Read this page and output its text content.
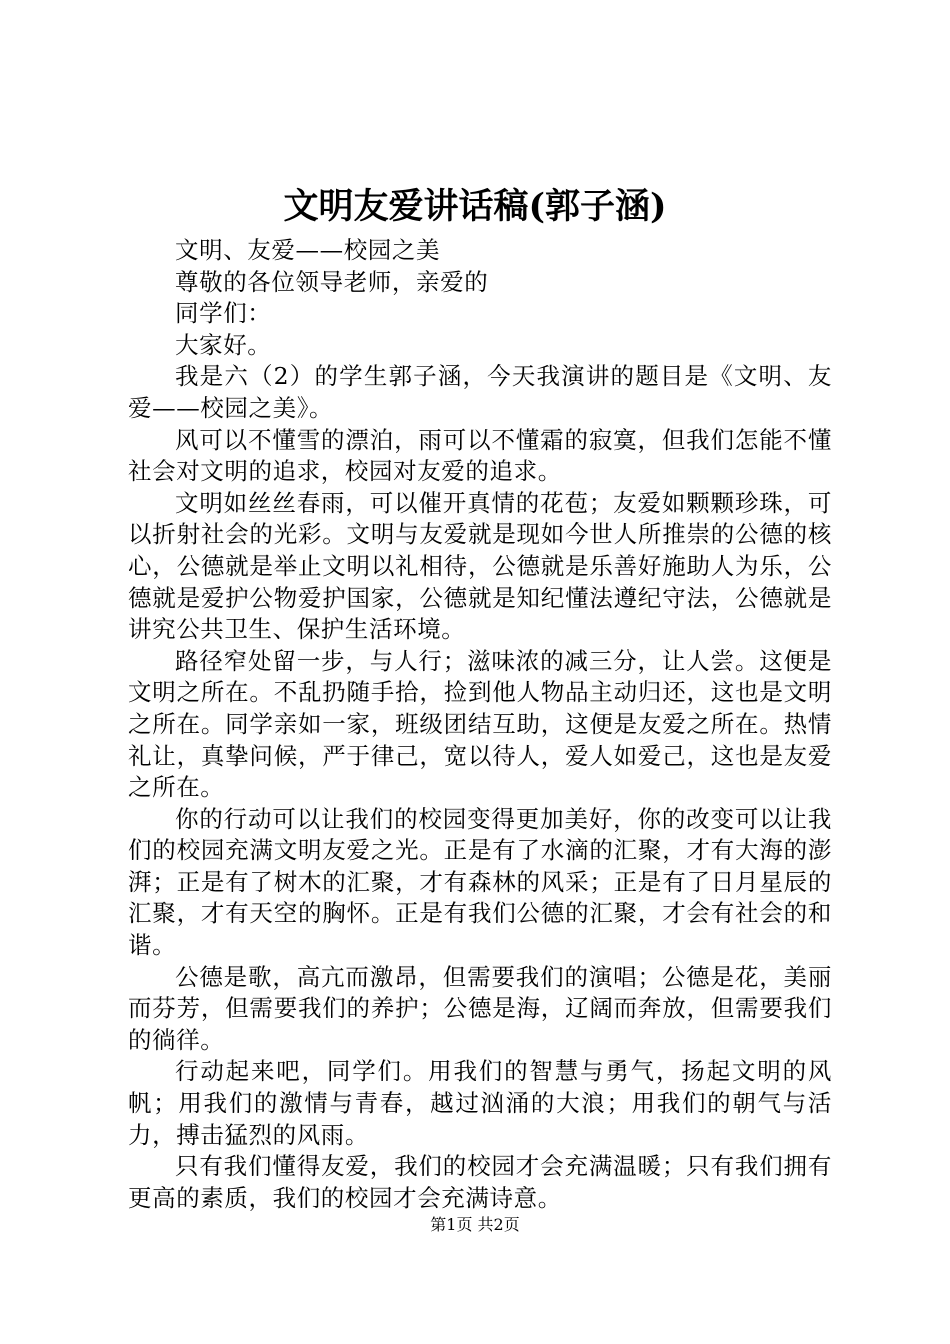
文明友爱讲话稿(郭子涵)

文明、友爱——校园之美

尊敬的各位领导老师，亲爱的

同学们：

大家好。

我是六（2）的学生郭子涵，今天我演讲的题目是《文明、友爱——校园之美》。

风可以不懂雪的漂泊，雨可以不懂霜的寂寞，但我们怎能不懂社会对文明的追求，校园对友爱的追求。

文明如丝丝春雨，可以催开真情的花苞；友爱如颗颗珍珠，可以折射社会的光彩。文明与友爱就是现如今世人所推崇的公德的核心，公德就是举止文明以礼相待，公德就是乐善好施助人为乐，公德就是爱护公物爱护国家，公德就是知纪懂法遵纪守法，公德就是讲究公共卫生、保护生活环境。

路径窄处留一步，与人行；滋味浓的减三分，让人尝。这便是文明之所在。不乱扔随手拾，捡到他人物品主动归还，这也是文明之所在。同学亲如一家，班级团结互助，这便是友爱之所在。热情礼让，真挚问候，严于律己，宽以待人，爱人如爱己，这也是友爱之所在。

你的行动可以让我们的校园变得更加美好，你的改变可以让我们的校园充满文明友爱之光。正是有了水滴的汇聚，才有大海的澎湃；正是有了树木的汇聚，才有森林的风采；正是有了日月星辰的汇聚，才有天空的胸怀。正是有我们公德的汇聚，才会有社会的和谐。

公德是歌，高亢而激昂，但需要我们的演唱；公德是花，美丽而芬芳，但需要我们的养护；公德是海，辽阔而奔放，但需要我们的徜徉。

行动起来吧，同学们。用我们的智慧与勇气，扬起文明的风帆；用我们的激情与青春，越过汹涌的大浪；用我们的朝气与活力，搏击猛烈的风雨。

只有我们懂得友爱，我们的校园才会充满温暖；只有我们拥有更高的素质，我们的校园才会充满诗意。

第1页 共2页
